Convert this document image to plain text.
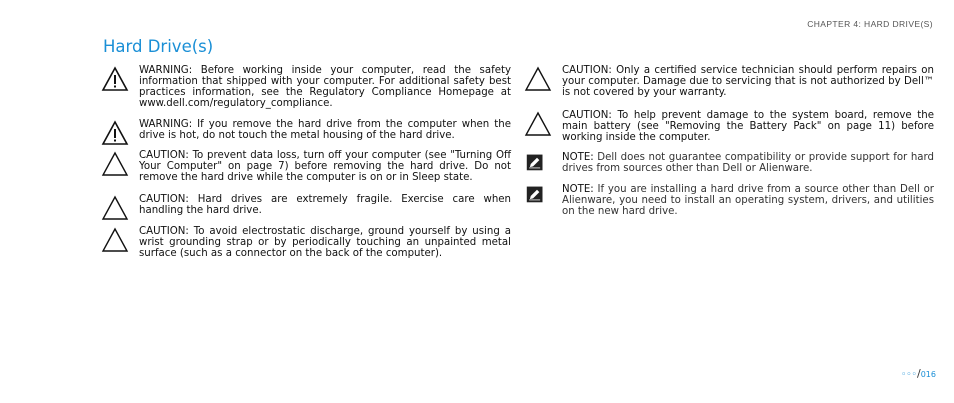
CHAPTER 4: HARD DRIVE(S)
Hard Drive(s)
WARNING: Before working inside your computer, read the safety information that shipped with your computer. For additional safety best practices information, see the Regulatory Compliance Homepage at www.dell.com/regulatory_compliance.
WARNING: If you remove the hard drive from the computer when the drive is hot, do not touch the metal housing of the hard drive.
CAUTION: To prevent data loss, turn off your computer (see "Turning Off Your Computer" on page 7) before removing the hard drive. Do not remove the hard drive while the computer is on or in Sleep state.
CAUTION: Hard drives are extremely fragile. Exercise care when handling the hard drive.
CAUTION: To avoid electrostatic discharge, ground yourself by using a wrist grounding strap or by periodically touching an unpainted metal surface (such as a connector on the back of the computer).
CAUTION: Only a certified service technician should perform repairs on your computer. Damage due to servicing that is not authorized by Dell™ is not covered by your warranty.
CAUTION: To help prevent damage to the system board, remove the main battery (see "Removing the Battery Pack" on page 11) before working inside the computer.
NOTE: Dell does not guarantee compatibility or provide support for hard drives from sources other than Dell or Alienware.
NOTE: If you are installing a hard drive from a source other than Dell or Alienware, you need to install an operating system, drivers, and utilities on the new hard drive.
◦◦◦/016
